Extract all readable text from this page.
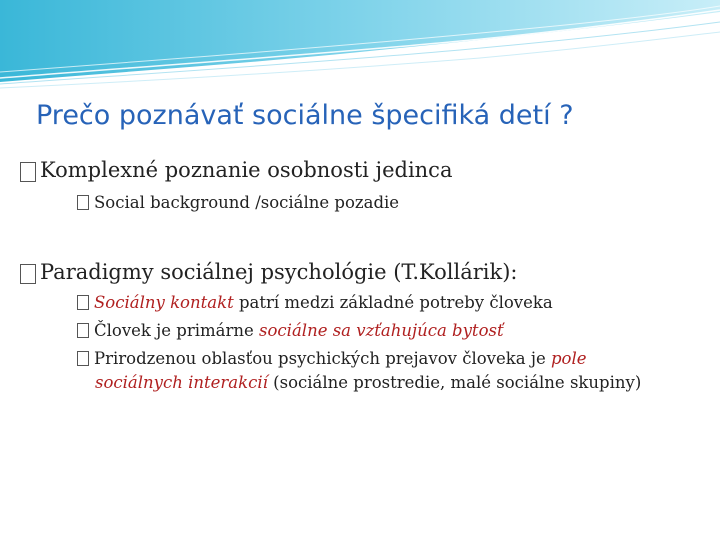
Prečo poznávať sociálne špecifiká detí ?
Komplexné poznanie osobnosti jedinca
Social background /sociálne pozadie
Paradigmy sociálnej psychológie (T.Kollárik):
Sociálny kontakt patrí medzi základné potreby človeka
Človek je primárne sociálne sa vzťahujúca bytosť
Prirodzenou oblasťou psychických prejavov človeka je pole
sociálnych interakcií (sociálne prostredie, malé sociálne skupiny)
